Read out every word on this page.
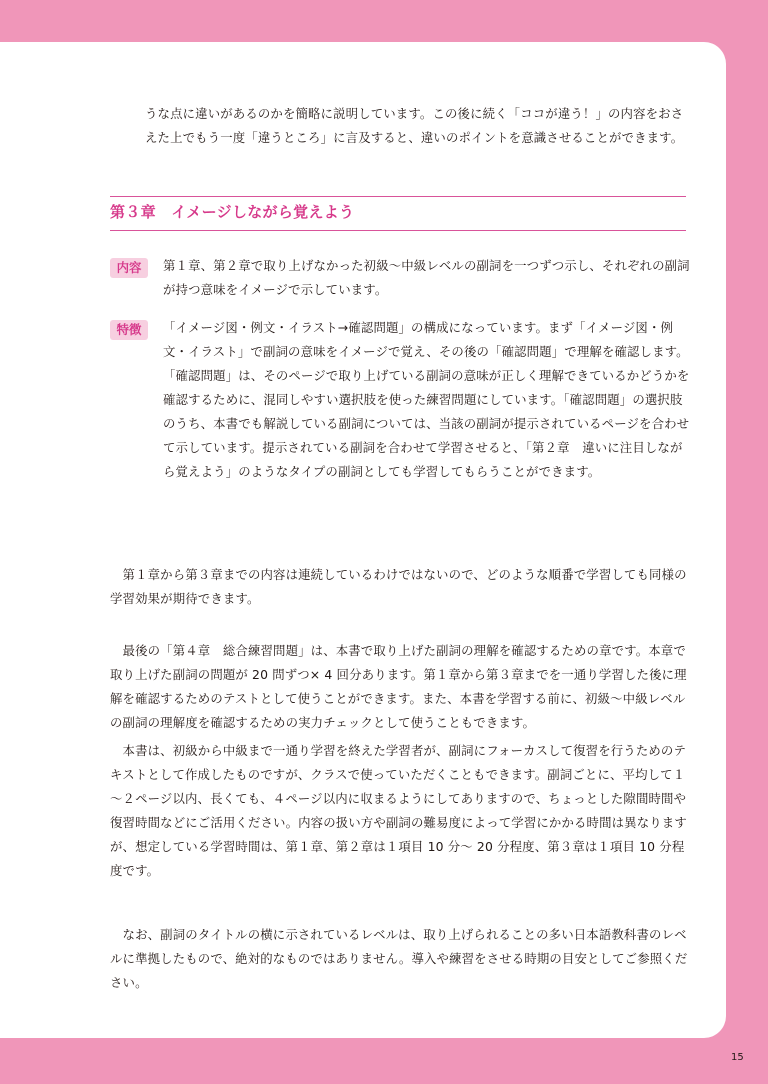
うな点に違いがあるのかを簡略に説明しています。この後に続く「ココが違う！」の内容をおさえた上でもう一度「違うところ」に言及すると、違いのポイントを意識させることができます。

第３章　イメージしながら覚えよう
内容	第１章、第２章で取り上げなかった初級～中級レベルの副詞を一つずつ示し、それぞれの副詞が持つ意味をイメージで示しています。

特徴	「イメージ図・例文・イラスト→確認問題」の構成になっています。まず「イメージ図・例文・イラスト」で副詞の意味をイメージで覚え、その後の「確認問題」で理解を確認します。「確認問題」は、そのページで取り上げている副詞の意味が正しく理解できているかどうかを確認するために、混同しやすい選択肢を使った練習問題にしています。「確認問題」の選択肢のうち、本書でも解説している副詞については、当該の副詞が提示されているページを合わせて示しています。提示されている副詞を合わせて学習させると、「第２章　違いに注目しながら覚えよう」のようなタイプの副詞としても学習してもらうことができます。

　第１章から第３章までの内容は連続しているわけではないので、どのような順番で学習しても同様の学習効果が期待できます。

　最後の「第４章　総合練習問題」は、本書で取り上げた副詞の理解を確認するための章です。本章で取り上げた副詞の問題が 20 問ずつ× 4 回分あります。第１章から第３章までを一通り学習した後に理解を確認するためのテストとして使うことができます。また、本書を学習する前に、初級～中級レベルの副詞の理解度を確認するための実力チェックとして使うこともできます。

　本書は、初級から中級まで一通り学習を終えた学習者が、副詞にフォーカスして復習を行うためのテキストとして作成したものですが、クラスで使っていただくこともできます。副詞ごとに、平均して１～２ページ以内、長くても、４ページ以内に収まるようにしてありますので、ちょっとした隙間時間や復習時間などにご活用ください。内容の扱い方や副詞の難易度によって学習にかかる時間は異なりますが、想定している学習時間は、第１章、第２章は１項目 10 分～ 20 分程度、第３章は１項目 10 分程度です。

　なお、副詞のタイトルの横に示されているレベルは、取り上げられることの多い日本語教科書のレベルに準拠したもので、絶対的なものではありません。導入や練習をさせる時期の目安としてご参照ください。

15
